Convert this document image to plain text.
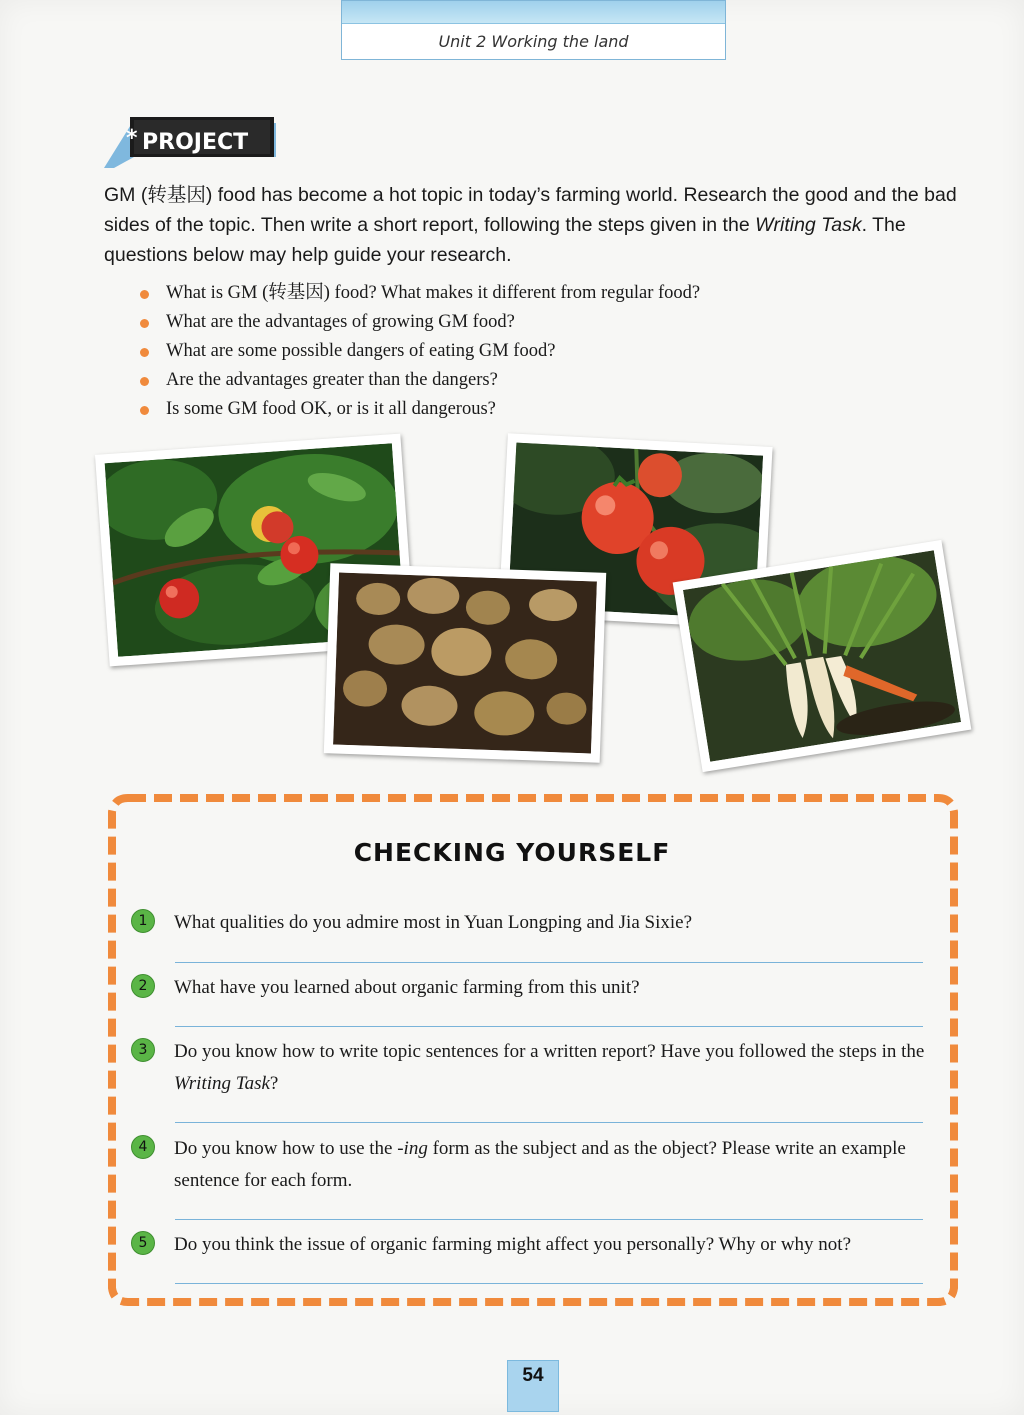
Unit 2 Working the land
* PROJECT
GM (转基因) food has become a hot topic in today’s farming world. Research the good and the bad sides of the topic. Then write a short report, following the steps given in the Writing Task. The questions below may help guide your research.
What is GM (转基因) food? What makes it different from regular food?
What are the advantages of growing GM food?
What are some possible dangers of eating GM food?
Are the advantages greater than the dangers?
Is some GM food OK, or is it all dangerous?
CHECKING YOURSELF
1	What qualities do you admire most in Yuan Longping and Jia Sixie?
2	What have you learned about organic farming from this unit?
3	Do you know how to write topic sentences for a written report? Have you followed the steps in the Writing Task?
4	Do you know how to use the -ing form as the subject and as the object? Please write an example sentence for each form.
5	Do you think the issue of organic farming might affect you personally? Why or why not?
54
